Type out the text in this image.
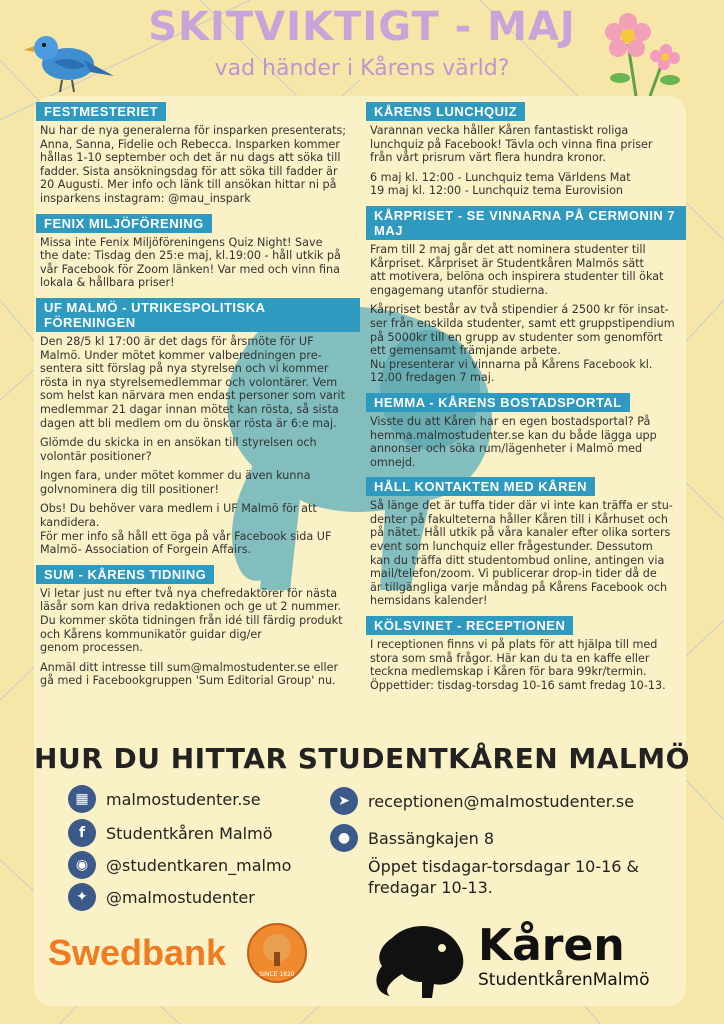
SKITVIKTIGT - MAJ
vad händer i Kårens värld?
FESTMESTERIET
Nu har de nya generalerna för insparken presenterats;
Anna, Sanna, Fidelie och Rebecca. Insparken kommer
hållas 1-10 september och det är nu dags att söka till
fadder. Sista ansökningsdag för att söka till fadder är
20 Augusti. Mer info och länk till ansökan hittar ni på
insparkens instagram: @mau_inspark
FENIX MILJÖFÖRENING
Missa inte Fenix Miljöföreningens Quiz Night! Save
the date: Tisdag den 25:e maj, kl.19:00 - håll utkik på
vår Facebook för Zoom länken! Var med och vinn fina
lokala & hållbara priser!
UF MALMÖ - UTRIKESPOLITISKA FÖRENINGEN
Den 28/5 kl 17:00 är det dags för årsmöte för UF
Malmö. Under mötet kommer valberedningen pre-
sentera sitt förslag på nya styrelsen och vi kommer
rösta in nya styrelsemedlemmar och volontärer. Vem
som helst kan närvara men endast personer som varit
medlemmar 21 dagar innan mötet kan rösta, så sista
dagen att bli medlem om du önskar rösta är 6:e maj.
Glömde du skicka in en ansökan till styrelsen och
volontär positioner?
Ingen fara, under mötet kommer du även kunna
golvnominera dig till positioner!
Obs! Du behöver vara medlem i UF Malmö för att
kandidera.
För mer info så håll ett öga på vår Facebook sida UF
Malmö- Association of Forgein Affairs.
SUM - KÅRENS TIDNING
Vi letar just nu efter två nya chefredaktörer för nästa
läsår som kan driva redaktionen och ge ut 2 nummer.
Du kommer sköta tidningen från idé till färdig produkt
och Kårens kommunikatör guidar dig/er
genom processen.
Anmäl ditt intresse till sum@malmostudenter.se eller
gå med i Facebookgruppen 'Sum Editorial Group' nu.
KÅRENS LUNCHQUIZ
Varannan vecka håller Kåren fantastiskt roliga
lunchquiz på Facebook! Tävla och vinna fina priser
från vårt prisrum värt flera hundra kronor.
6 maj kl. 12:00 - Lunchquiz tema Världens Mat
19 maj kl. 12:00 - Lunchquiz tema Eurovision
KÅRPRISET - SE VINNARNA PÅ CERMONIN 7 MAJ
Fram till 2 maj går det att nominera studenter till
Kårpriset. Kårpriset är Studentkåren Malmös sätt
att motivera, belöna och inspirera studenter till ökat
engagemang utanför studierna.
Kårpriset består av två stipendier á 2500 kr för insat-
ser från enskilda studenter, samt ett gruppstipendium
på 5000kr till en grupp av studenter som genomfört
ett gemensamt främjande arbete.
Nu presenterar vi vinnarna på Kårens Facebook kl.
12.00 fredagen 7 maj.
HEMMA - KÅRENS BOSTADSPORTAL
Visste du att Kåren har en egen bostadsportal? På
hemma.malmostudenter.se kan du både lägga upp
annonser och söka rum/lägenheter i Malmö med
omnejd.
HÅLL KONTAKTEN MED KÅREN
Så länge det är tuffa tider där vi inte kan träffa er stu-
denter på fakulteterna håller Kåren till i Kårhuset och
på nätet. Håll utkik på våra kanaler efter olika sorters
event som lunchquiz eller frågestunder. Dessutom
kan du träffa ditt studentombud online, antingen via
mail/telefon/zoom. Vi publicerar drop-in tider då de
är tillgängliga varje måndag på Kårens Facebook och
hemsidans kalender!
KÖLSVINET - RECEPTIONEN
I receptionen finns vi på plats för att hjälpa till med
stora som små frågor. Här kan du ta en kaffe eller
teckna medlemskap i Kåren för bara 99kr/termin.
Öppettider: tisdag-torsdag 10-16 samt fredag 10-13.
HUR DU HITTAR STUDENTKÅREN MALMÖ
▦	malmostudenter.se
f	Studentkåren Malmö
◉	@studentkaren_malmo
✦	@malmostudenter
➤	receptionen@malmostudenter.se
●	Bassängkajen 8
Öppet tisdagar-torsdagar 10-16 &
fredagar 10-13.
Swedbank
SINCE 1820
Kåren
StudentkårenMalmö
